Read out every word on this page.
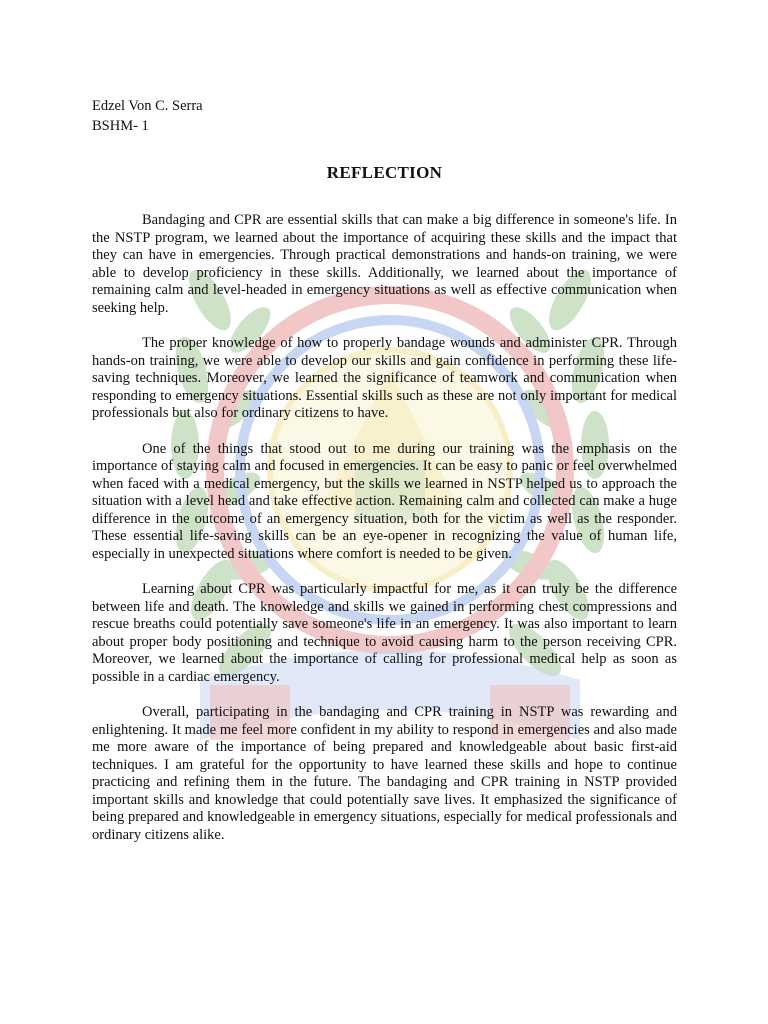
Edzel Von C. Serra

BSHM- 1

REFLECTION

Bandaging and CPR are essential skills that can make a big difference in someone's life. In the NSTP program, we learned about the importance of acquiring these skills and the impact that they can have in emergencies. Through practical demonstrations and hands-on training, we were able to develop proficiency in these skills. Additionally, we learned about the importance of remaining calm and level-headed in emergency situations as well as effective communication when seeking help.

The proper knowledge of how to properly bandage wounds and administer CPR. Through hands-on training, we were able to develop our skills and gain confidence in performing these life-saving techniques. Moreover, we learned the significance of teamwork and communication when responding to emergency situations. Essential skills such as these are not only important for medical professionals but also for ordinary citizens to have.

One of the things that stood out to me during our training was the emphasis on the importance of staying calm and focused in emergencies. It can be easy to panic or feel overwhelmed when faced with a medical emergency, but the skills we learned in NSTP helped us to approach the situation with a level head and take effective action. Remaining calm and collected can make a huge difference in the outcome of an emergency situation, both for the victim as well as the responder. These essential life-saving skills can be an eye-opener in recognizing the value of human life, especially in unexpected situations where comfort is needed to be given.

Learning about CPR was particularly impactful for me, as it can truly be the difference between life and death. The knowledge and skills we gained in performing chest compressions and rescue breaths could potentially save someone's life in an emergency. It was also important to learn about proper body positioning and technique to avoid causing harm to the person receiving CPR. Moreover, we learned about the importance of calling for professional medical help as soon as possible in a cardiac emergency.

Overall, participating in the bandaging and CPR training in NSTP was rewarding and enlightening. It made me feel more confident in my ability to respond in emergencies and also made me more aware of the importance of being prepared and knowledgeable about basic first-aid techniques. I am grateful for the opportunity to have learned these skills and hope to continue practicing and refining them in the future. The bandaging and CPR training in NSTP provided important skills and knowledge that could potentially save lives. It emphasized the significance of being prepared and knowledgeable in emergency situations, especially for medical professionals and ordinary citizens alike.
